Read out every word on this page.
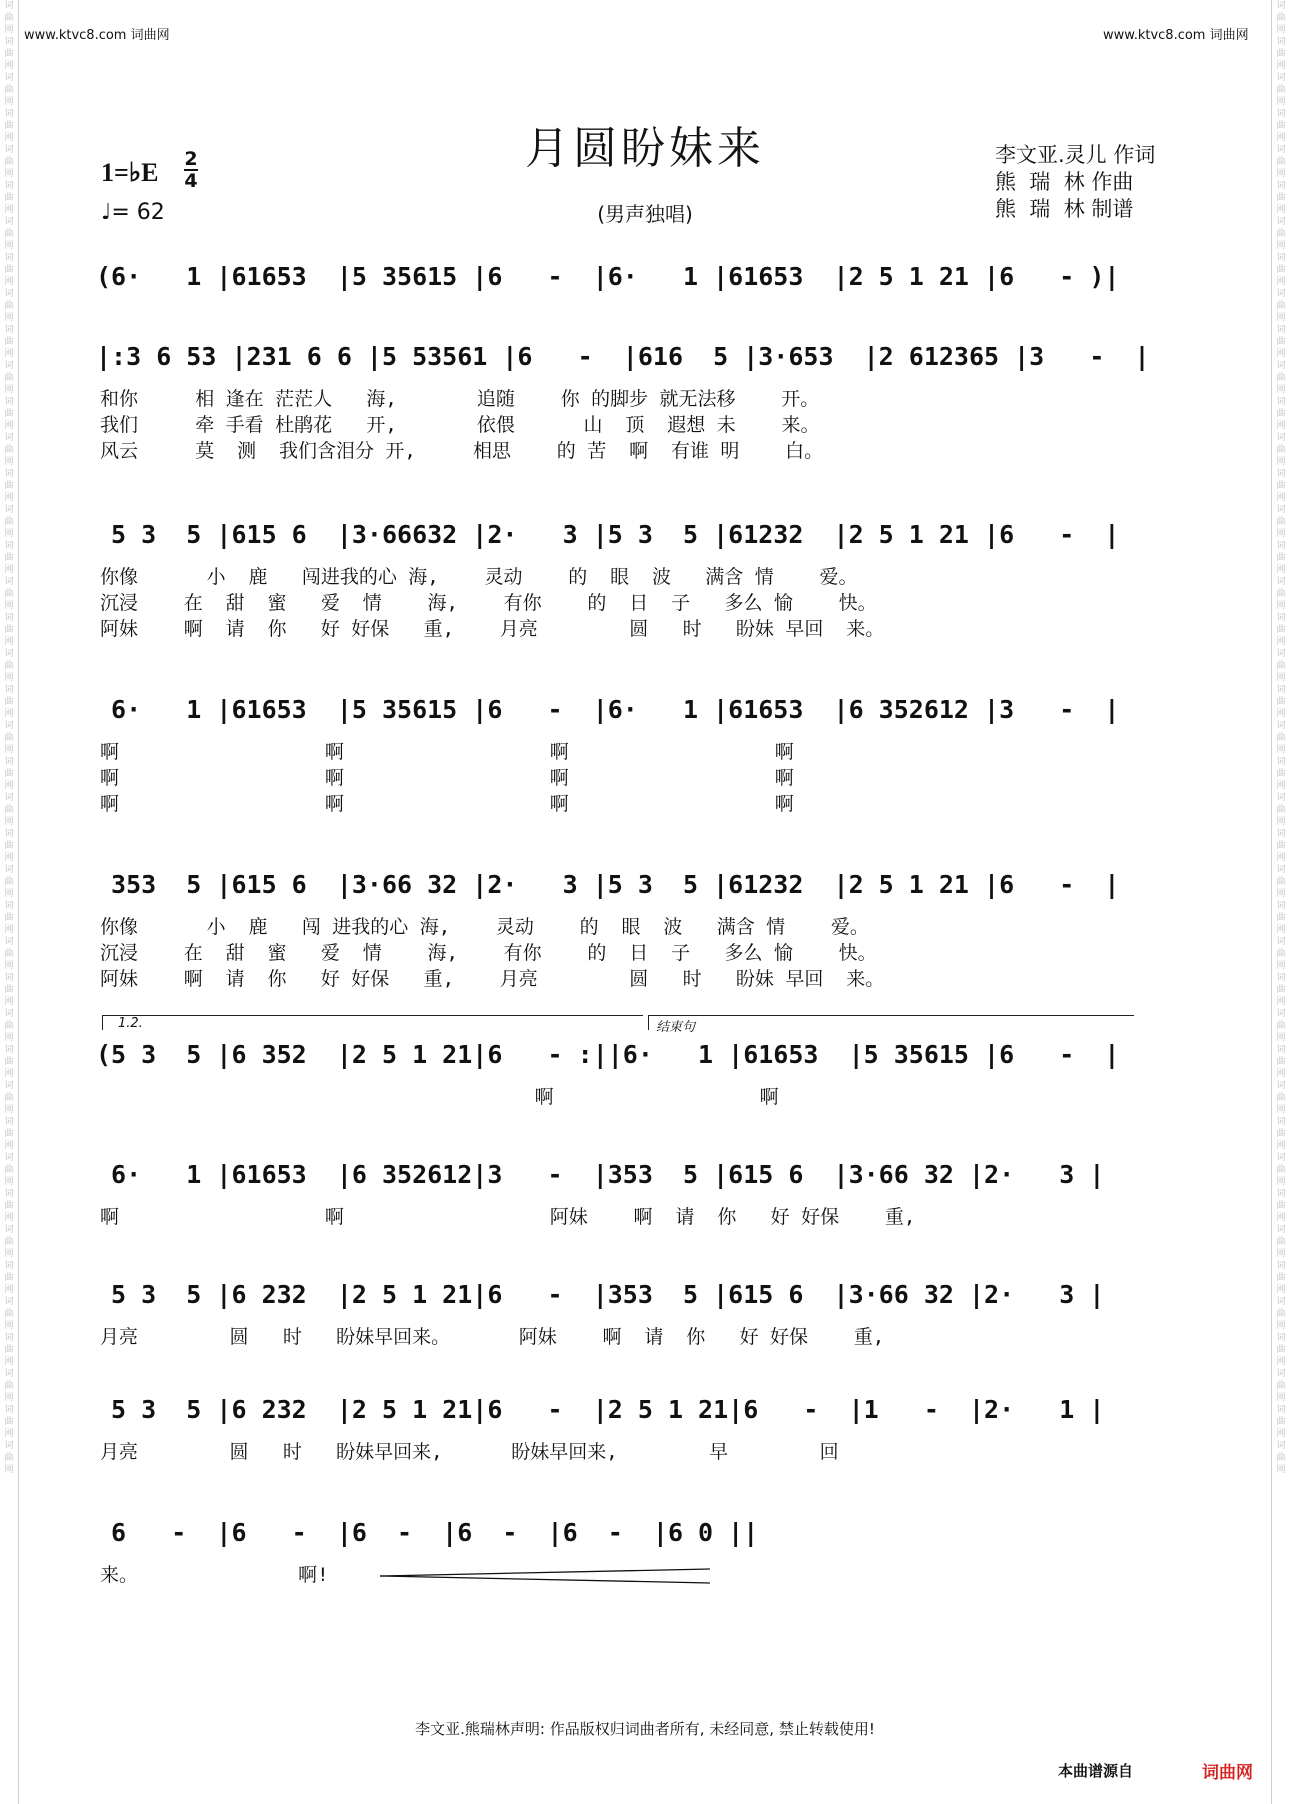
词
曲
网
词
曲
网
词
曲
网
词
曲
网
词
曲
网
词
曲
网
词
曲
网
词
曲
网
词
曲
网
词
曲
网
词
曲
网
词
曲
网
词
曲
网
词
曲
网
词
曲
网
词
曲
网
词
曲
网
词
曲
网
词
曲
网
词
曲
网
词
曲
网
词
曲
网
词
曲
网
词
曲
网
词
曲
网
词
曲
网
词
曲
网
词
曲
网
词
曲
网
词
曲
网
词
曲
网
词
曲
网
词
曲
网
词
曲
网
词
曲
网
词
曲
网
词
曲
网
词
曲
网
词
曲
网
词
曲
网
词
曲
网
词
曲
网
词
曲
网
词
曲
网
词
曲
网
词
曲
网
词
曲
网
词
曲
网
词
曲
网
词
曲
网
词
曲
网
词
曲
网
词
曲
网
词
曲
网
词
曲
网
词
曲
网
词
曲
网
词
曲
网
词
曲
网
词
曲
网
词
曲
网
词
曲
网
词
曲
网
词
曲
网
词
曲
网
词
曲
网
词
曲
网
词
曲
网
词
曲
网
词
曲
网
词
曲
网
词
曲
网
词
曲
网
词
曲
网
词
曲
网
词
曲
网
词
曲
网
词
曲
网
词
曲
网
词
曲
网
词
曲
网
词
曲
网
www.ktvc8.com 词曲网	www.ktvc8.com 词曲网
月圆盼妹来
(男声独唱)
1=♭E 2
4
♩= 62
李文亚.灵儿 作词
熊  瑞  林 作曲
熊  瑞  林 制谱
(6·   1 |61653  |5 35615 |6   -  |6·   1 |61653  |2 5 1 21 |6   - )|
|:3 6 53 |231 6 6 |5 53561 |6   -  |616  5 |3·653  |2 612365 |3   -  |
和你     相 逢在 茫茫人   海,       追随    你 的脚步 就无法移    开。
我们     牵 手看 杜鹃花   开,       依偎      山  顶  遐想 未    来。
风云     莫  测  我们含泪分 开,     相思    的 苦  啊  有谁 明    白。
5 3  5 |615 6  |3·66632 |2·   3 |5 3  5 |61232  |2 5 1 21 |6   -  |
你像      小  鹿   闯进我的心 海,    灵动    的  眼  波   满含 情    爱。
沉浸    在  甜  蜜   爱  情    海,    有你    的  日  子   多么 愉    快。
阿妹    啊  请  你   好 好保   重,    月亮        圆   时   盼妹 早回  来。
6·   1 |61653  |5 35615 |6   -  |6·   1 |61653  |6 352612 |3   -  |
啊                  啊                  啊                  啊
啊                  啊                  啊                  啊
啊                  啊                  啊                  啊
353  5 |615 6  |3·66 32 |2·   3 |5 3  5 |61232  |2 5 1 21 |6   -  |
你像      小  鹿   闯 进我的心 海,    灵动    的  眼  波   满含 情    爱。
沉浸    在  甜  蜜   爱  情    海,    有你    的  日  子   多么 愉    快。
阿妹    啊  请  你   好 好保   重,    月亮        圆   时   盼妹 早回  来。
(5 3  5 |6 352  |2 5 1 21|6   - :||6·   1 |61653  |5 35615 |6   -  |
啊                  啊
6·   1 |61653  |6 352612|3   -  |353  5 |615 6  |3·66 32 |2·   3 |
啊                  啊                  阿妹    啊  请  你   好 好保    重,
5 3  5 |6 232  |2 5 1 21|6   -  |353  5 |615 6  |3·66 32 |2·   3 |
月亮        圆   时   盼妹早回来。      阿妹    啊  请  你   好 好保    重,
5 3  5 |6 232  |2 5 1 21|6   -  |2 5 1 21|6   -  |1   -  |2·   1 |
月亮        圆   时   盼妹早回来,      盼妹早回来,        早        回
6   -  |6   -  |6  -  |6  -  |6  -  |6 0 ||
来。              啊!
1.2.	结束句
李文亚.熊瑞林声明: 作品版权归词曲者所有, 未经同意, 禁止转载使用!
本曲谱源自	词曲网
